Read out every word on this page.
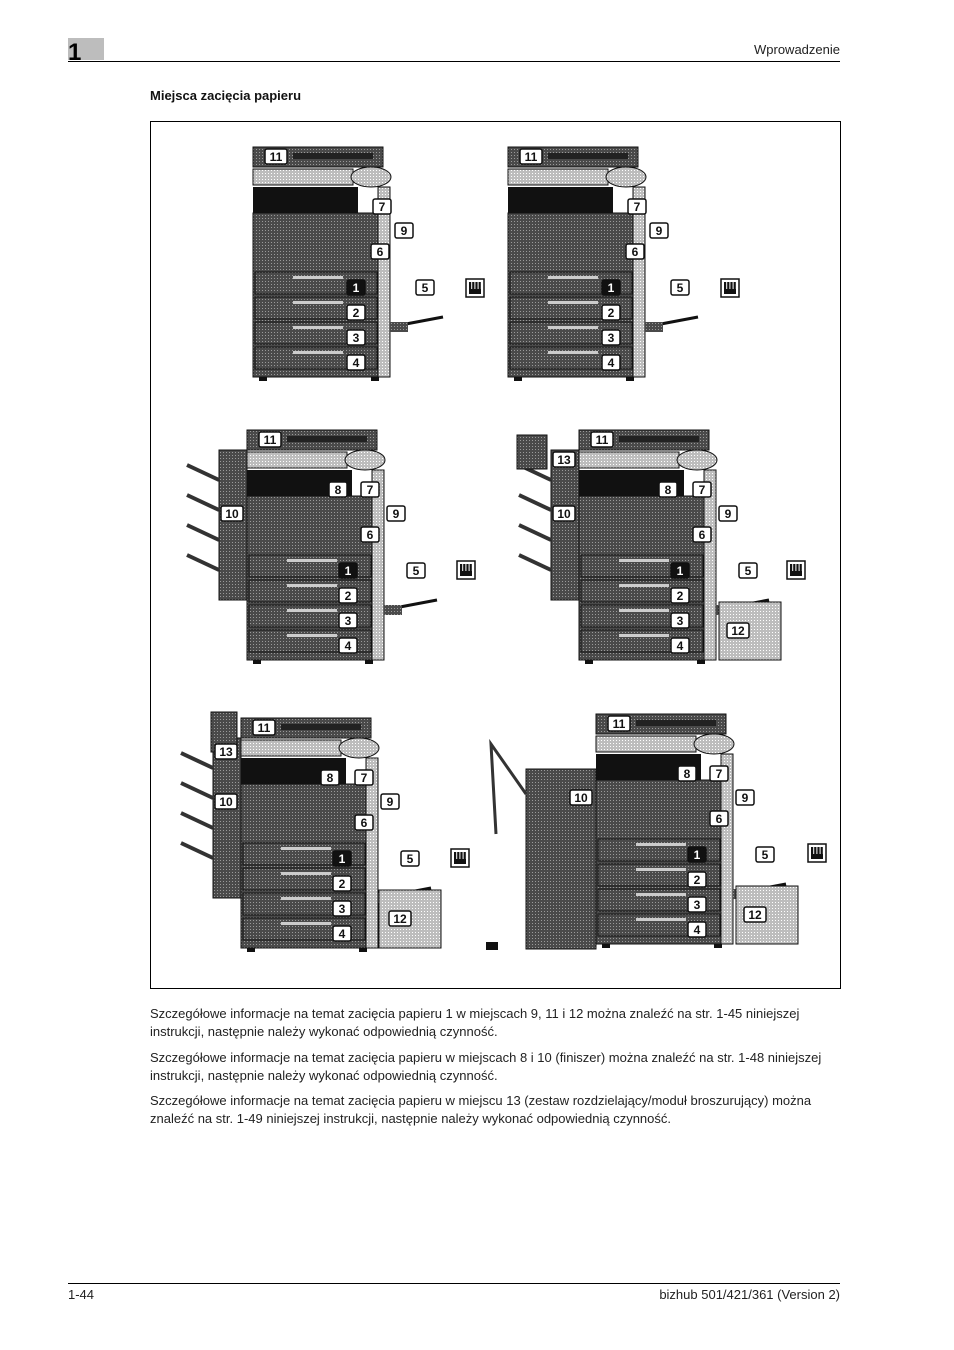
1	Wprowadzenie
Miejsca zacięcia papieru
11
7
9
6
5
1
2
3
4
11
7
9
6
5
1
2
3
4
11
8 7
9
10
6
5
1
2
3
4
13
11
8 7
9
10
6
5
1
2
3
4
12
11
13
8 7
9
10
6
5
1
2
3
4
12
11
10
8 7
9
6
5
1
2
3
4
12
Szczegółowe informacje na temat zacięcia papieru 1 w miejscach 9, 11 i 12 można znaleźć na str. 1-45 niniejszej instrukcji, następnie należy wykonać odpowiednią czynność.
Szczegółowe informacje na temat zacięcia papieru w miejscach 8 i 10 (finiszer) można znaleźć na str. 1-48 niniejszej instrukcji, następnie należy wykonać odpowiednią czynność.
Szczegółowe informacje na temat zacięcia papieru w miejscu 13 (zestaw rozdzielający/moduł broszurujący) można znaleźć na str. 1-49 niniejszej instrukcji, następnie należy wykonać odpowiednią czynność.
1-44	bizhub 501/421/361 (Version 2)
